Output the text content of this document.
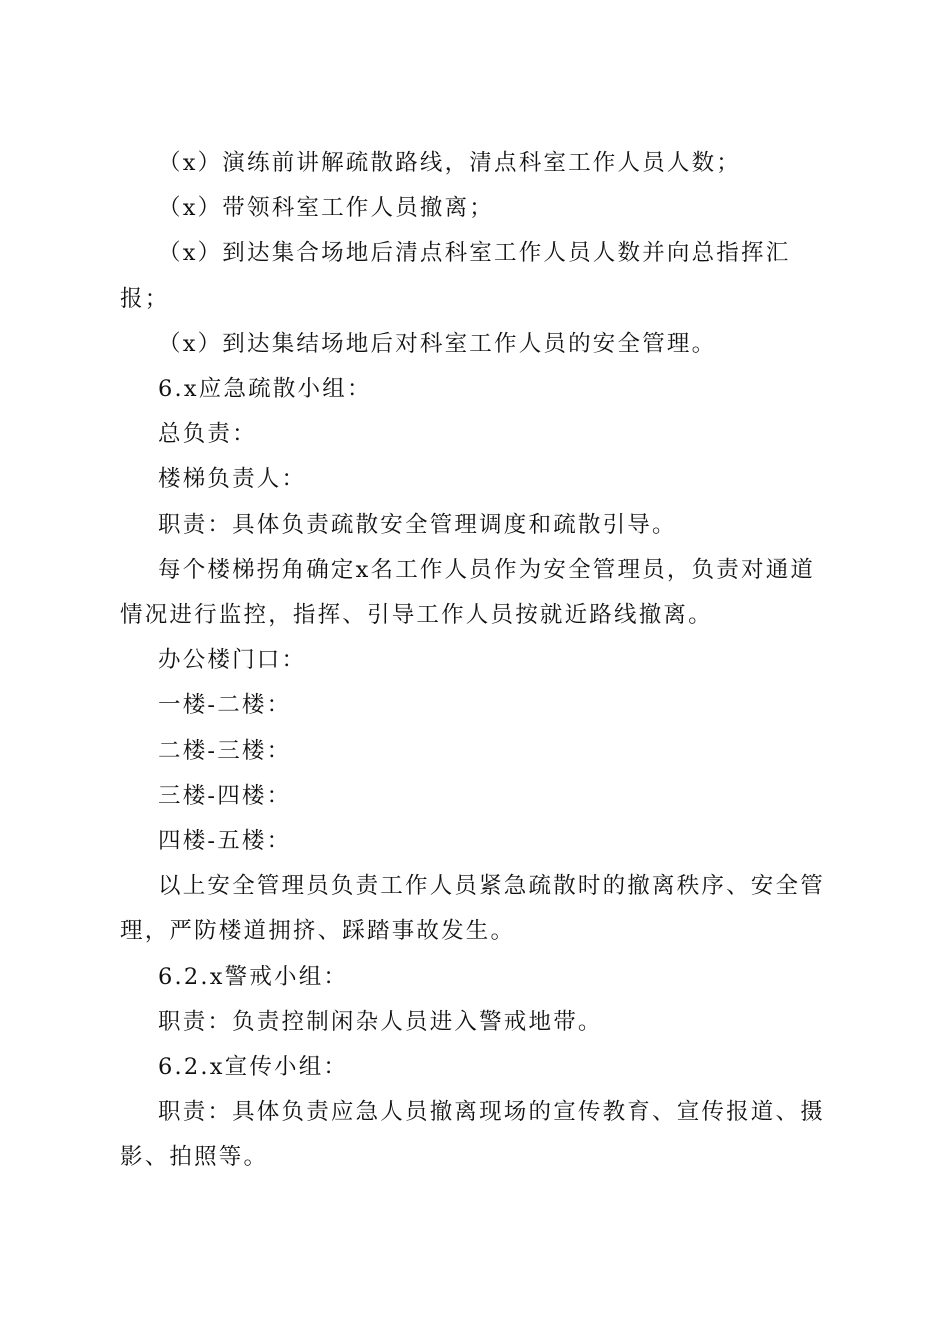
（x）演练前讲解疏散路线，清点科室工作人员人数；

（x）带领科室工作人员撤离；

（x）到达集合场地后清点科室工作人员人数并向总指挥汇报；

（x）到达集结场地后对科室工作人员的安全管理。

6.x应急疏散小组：

总负责：

楼梯负责人：

职责：具体负责疏散安全管理调度和疏散引导。

每个楼梯拐角确定x名工作人员作为安全管理员，负责对通道情况进行监控，指挥、引导工作人员按就近路线撤离。

办公楼门口：

一楼-二楼：

二楼-三楼：

三楼-四楼：

四楼-五楼：

以上安全管理员负责工作人员紧急疏散时的撤离秩序、安全管理，严防楼道拥挤、踩踏事故发生。

6.2.x警戒小组：

职责：负责控制闲杂人员进入警戒地带。

6.2.x宣传小组：

职责：具体负责应急人员撤离现场的宣传教育、宣传报道、摄影、拍照等。
